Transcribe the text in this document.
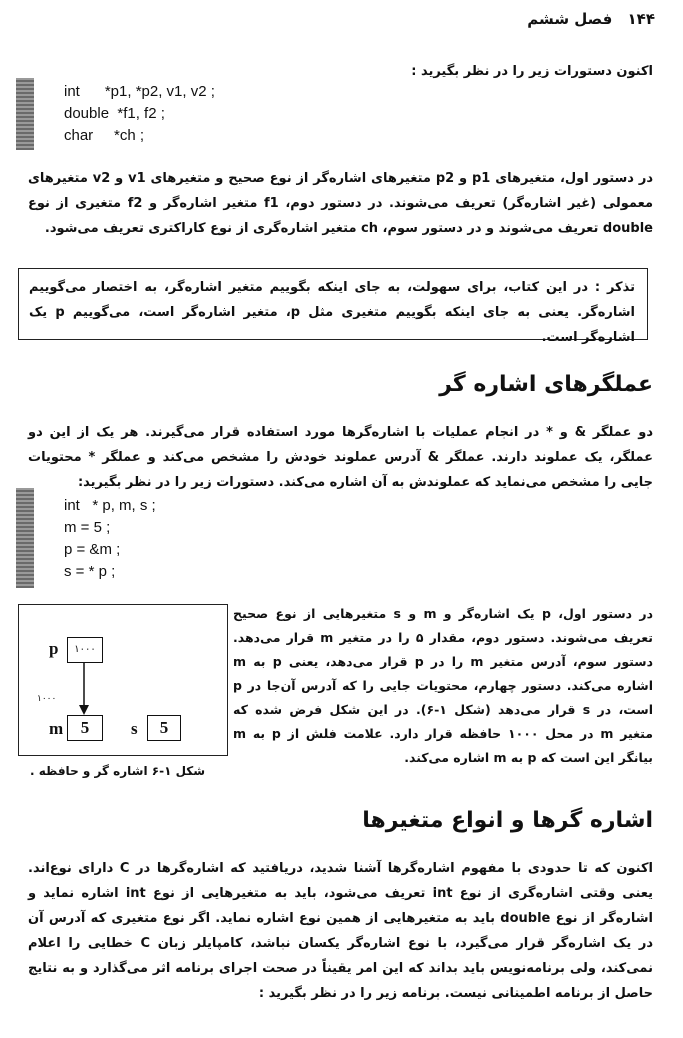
۱۴۴ فصل ششم
اکنون دستورات زیر را در نظر بگیرید :
int      *p1, *p2, v1, v2 ;
double  *f1, f2 ;
char     *ch ;
در دستور اول، متغیرهای p1 و p2 متغیرهای اشاره‌گر از نوع صحیح و متغیرهای v1 و v2 متغیرهای معمولی (غیر اشاره‌گر) تعریف می‌شوند. در دستور دوم، f1 متغیر اشاره‌گر و f2 متغیری از نوع double تعریف می‌شوند و در دستور سوم، ch متغیر اشاره‌گری از نوع کاراکتری تعریف می‌شود.
تذکر : در این کتاب، برای سهولت، به جای اینکه بگوییم متغیر اشاره‌گر، به اختصار می‌گوییم اشاره‌گر. یعنی به جای اینکه بگوییم متغیری مثل p، متغیر اشاره‌گر است، می‌گوییم p یک اشاره‌گر است.
عملگرهای اشاره گر
دو عملگر & و * در انجام عملیات با اشاره‌گرها مورد استفاده قرار می‌گیرند. هر یک از این دو عملگر، یک عملوند دارند. عملگر & آدرس عملوند خودش را مشخص می‌کند و عملگر * محتویات جایی را مشخص می‌نماید که عملوندش به آن اشاره می‌کند. دستورات زیر را در نظر بگیرید:
int   * p, m, s ;
m = 5 ;
p = &m ;
s = * p ;
p	۱۰۰۰
۱۰۰۰
m	5	s	5
شکل ۱-۶ اشاره گر و حافظه .
در دستور اول، p یک اشاره‌گر و m و s متغیرهایی از نوع صحیح تعریف می‌شوند. دستور دوم، مقدار ۵ را در متغیر m قرار می‌دهد. دستور سوم، آدرس متغیر m را در p قرار می‌دهد، یعنی p به m اشاره می‌کند. دستور چهارم، محتویات جایی را که آدرس آن‌جا در p است، در s قرار می‌دهد (شکل ۱-۶). در این شکل فرض شده که متغیر m در محل ۱۰۰۰ حافظه قرار دارد. علامت فلش از p به m بیانگر این است که p به m اشاره می‌کند.
اشاره گرها و انواع متغیرها
اکنون که تا حدودی با مفهوم اشاره‌گرها آشنا شدید، دریافتید که اشاره‌گرها در C دارای نوع‌اند. یعنی وقتی اشاره‌گری از نوع int تعریف می‌شود، باید به متغیرهایی از نوع int اشاره نماید و اشاره‌گر از نوع double باید به متغیرهایی از همین نوع اشاره نماید. اگر نوع متغیری که آدرس آن در یک اشاره‌گر قرار می‌گیرد، با نوع اشاره‌گر یکسان نباشد، کامپایلر زبان C خطایی را اعلام نمی‌کند، ولی برنامه‌نویس باید بداند که این امر یقیناً در صحت اجرای برنامه اثر می‌گذارد و به نتایج حاصل از برنامه اطمینانی نیست. برنامه زیر را در نظر بگیرید :
